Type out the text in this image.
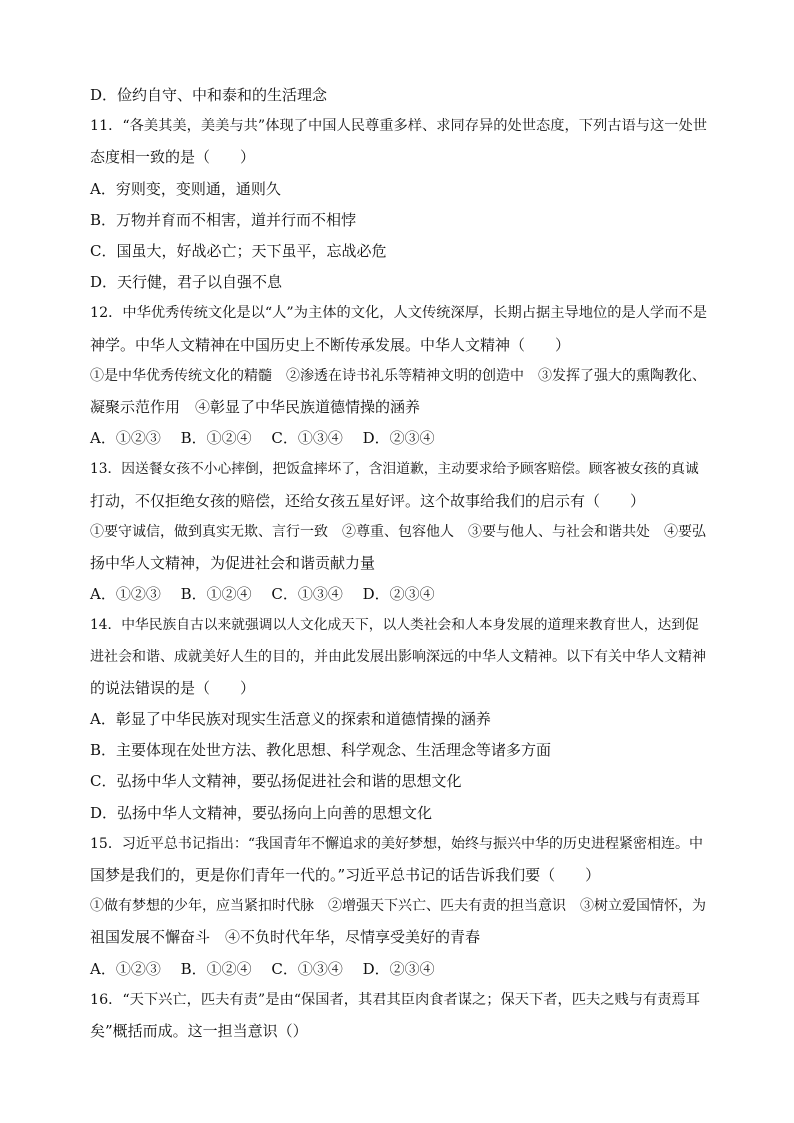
D．俭约自守、中和泰和的生活理念
11．“各美其美，美美与共”体现了中国人民尊重多样、求同存异的处世态度，下列古语与这一处世
态度相一致的是（　　）
A．穷则变，变则通，通则久
B．万物并育而不相害，道并行而不相悖
C．国虽大，好战必亡；天下虽平，忘战必危
D．天行健，君子以自强不息
12．中华优秀传统文化是以“人”为主体的文化，人文传统深厚，长期占据主导地位的是人学而不是
神学。中华人文精神在中国历史上不断传承发展。中华人文精神（　　）
①是中华优秀传统文化的精髓　②渗透在诗书礼乐等精神文明的创造中　③发挥了强大的熏陶教化、
凝聚示范作用　④彰显了中华民族道德情操的涵养
A．①②③　 B．①②④　 C．①③④　 D．②③④
13．因送餐女孩不小心摔倒，把饭盒摔坏了，含泪道歉，主动要求给予顾客赔偿。顾客被女孩的真诚
打动，不仅拒绝女孩的赔偿，还给女孩五星好评。这个故事给我们的启示有（　　）
①要守诚信，做到真实无欺、言行一致　②尊重、包容他人　③要与他人、与社会和谐共处　④要弘
扬中华人文精神，为促进社会和谐贡献力量
A．①②③　 B．①②④　 C．①③④　 D．②③④
14．中华民族自古以来就强调以人文化成天下，以人类社会和人本身发展的道理来教育世人，达到促
进社会和谐、成就美好人生的目的，并由此发展出影响深远的中华人文精神。以下有关中华人文精神
的说法错误的是（　　）
A．彰显了中华民族对现实生活意义的探索和道德情操的涵养
B．主要体现在处世方法、教化思想、科学观念、生活理念等诸多方面
C．弘扬中华人文精神，要弘扬促进社会和谐的思想文化
D．弘扬中华人文精神，要弘扬向上向善的思想文化
15．习近平总书记指出：“我国青年不懈追求的美好梦想，始终与振兴中华的历史进程紧密相连。中
国梦是我们的，更是你们青年一代的。”习近平总书记的话告诉我们要（　　）
①做有梦想的少年，应当紧扣时代脉　②增强天下兴亡、匹夫有责的担当意识　③树立爱国情怀，为
祖国发展不懈奋斗　④不负时代年华，尽情享受美好的青春
A．①②③　 B．①②④　 C．①③④　 D．②③④
16．“天下兴亡，匹夫有责”是由“保国者，其君其臣肉食者谋之；保天下者，匹夫之贱与有责焉耳
矣”概括而成。这一担当意识（）
